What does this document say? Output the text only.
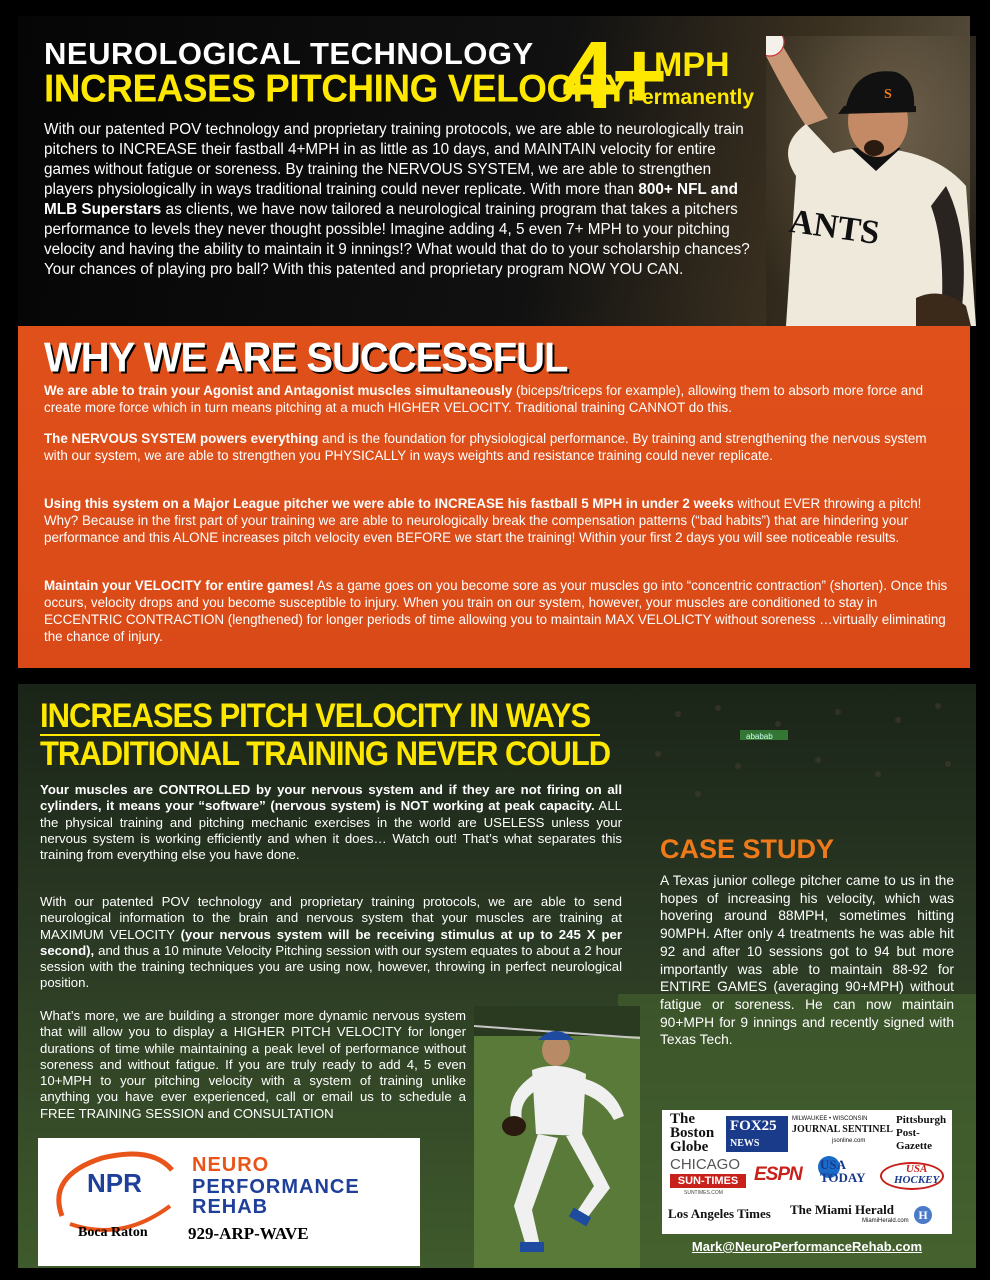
NEUROLOGICAL TECHNOLOGY
INCREASES PITCHING VELOCITY
4+
MPH
Permanently

With our patented POV technology and proprietary training protocols, we are able to neurologically train pitchers to INCREASE their fastball 4+MPH in as little as 10 days, and MAINTAIN velocity for entire games without fatigue or soreness. By training the NERVOUS SYSTEM, we are able to strengthen players physiologically in ways traditional training could never replicate. With more than 800+ NFL and MLB Superstars as clients, we have now tailored a neurological training program that takes a pitchers performance to levels they never thought possible! Imagine adding 4, 5 even 7+ MPH to your pitching velocity and having the ability to maintain it 9 innings!? What would that do to your scholarship chances? Your chances of playing pro ball? With this patented and proprietary program NOW YOU CAN.

S
ANTS
WHY WE ARE SUCCESSFUL

We are able to train your Agonist and Antagonist muscles simultaneously (biceps/triceps for example), allowing them to absorb more force and create more force which in turn means pitching at a much HIGHER VELOCITY. Traditional training CANNOT do this.

The NERVOUS SYSTEM powers everything and is the foundation for physiological performance. By training and strengthening the nervous system with our system, we are able to strengthen you PHYSICALLY in ways weights and resistance training could never replicate.

Using this system on a Major League pitcher we were able to INCREASE his fastball 5 MPH in under 2 weeks without EVER throwing a pitch! Why? Because in the first part of your training we are able to neurologically break the compensation patterns (“bad habits”) that are hindering your performance and this ALONE increases pitch velocity even BEFORE we start the training! Within your first 2 days you will see noticeable results.

Maintain your VELOCITY for entire games! As a game goes on you become sore as your muscles go into “concentric contraction” (shorten). Once this occurs, velocity drops and you become susceptible to injury. When you train on our system, however, your muscles are conditioned to stay in ECCENTRIC CONTRACTION (lengthened) for longer periods of time allowing you to maintain MAX VELOLICTY without soreness …virtually eliminating the chance of injury.

ababab
INCREASES PITCH VELOCITY IN WAYS
TRADITIONAL TRAINING NEVER COULD

Your muscles are CONTROLLED by your nervous system and if they are not firing on all cylinders, it means your “software” (nervous system) is NOT working at peak capacity. ALL the physical training and pitching mechanic exercises in the world are USELESS unless your nervous system is working efficiently and when it does… Watch out! That’s what separates this training from everything else you have done.

With our patented POV technology and proprietary training protocols, we are able to send neurological information to the brain and nervous system that your muscles are training at MAXIMUM VELOCITY (your nervous system will be receiving stimulus at up to 245 X per second), and thus a 10 minute Velocity Pitching session with our system equates to about a 2 hour session with the training techniques you are using now, however, throwing in perfect neurological position.

What’s more, we are building a stronger more dynamic nervous system that will allow you to display a HIGHER PITCH VELOCITY for longer durations of time while maintaining a peak level of performance without soreness and without fatigue. If you are truly ready to add 4, 5 even 10+MPH to your pitching velocity with a system of training unlike anything you have ever experienced, call or email us to schedule a FREE TRAINING SESSION and CONSULTATION

CASE STUDY

A Texas junior college pitcher came to us in the hopes of increasing his velocity, which was hovering around 88MPH, sometimes hitting 90MPH. After only 4 treatments he was able hit 92 and after 10 sessions got to 94 but more importantly was able to maintain 88-92 for ENTIRE GAMES (averaging 90+MPH) without fatigue or soreness. He can now maintain 90+MPH for 9 innings and recently signed with Texas Tech.

The
Boston
Globe
FOX25
NEWS
MILWAUKEE • WISCONSIN
JOURNAL SENTINEL
jsonline.com
Pittsburgh
Post-Gazette
CHICAGO
SUN-TIMES
SUNTIMES.COM
ESPN USA
TODAY
USA
HOCKEY
Los Angeles Times The Miami Herald
MiamiHerald.com H
Mark@NeuroPerformanceRehab.com
NPR
Boca Raton
NEURO
PERFORMANCE
REHAB
929-ARP-WAVE
